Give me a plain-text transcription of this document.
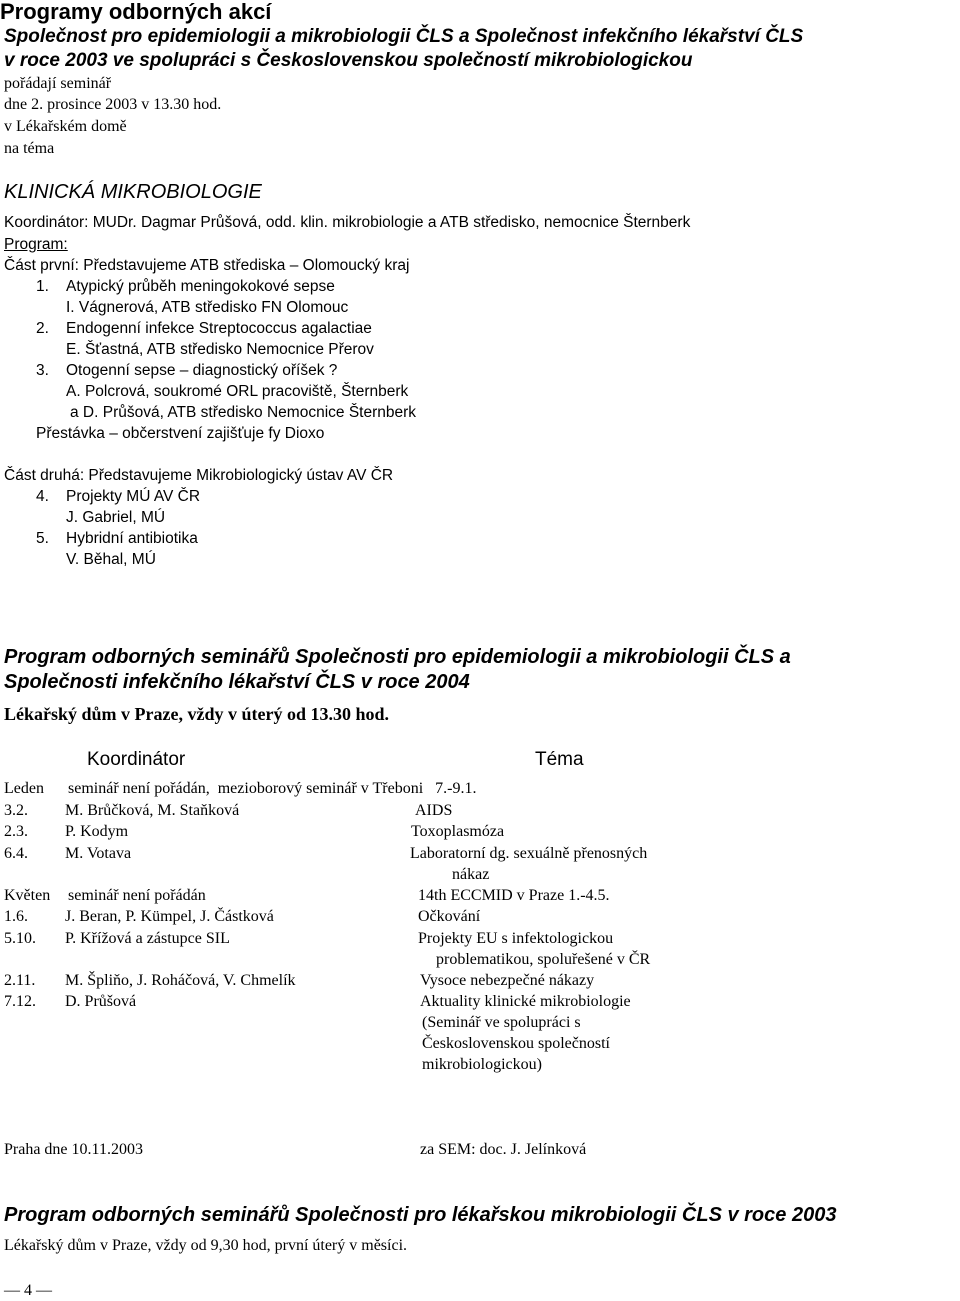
Programy odborných akcí
Společnost pro epidemiologii a mikrobiologii ČLS a Společnost infekčního lékařství ČLS
v roce 2003 ve spolupráci s Československou společností mikrobiologickou
pořádají seminář
dne 2. prosince 2003 v 13.30 hod.
v Lékařském domě
na téma
KLINICKÁ MIKROBIOLOGIE
Koordinátor: MUDr. Dagmar Průšová, odd. klin. mikrobiologie a ATB středisko, nemocnice Šternberk
Program:
Část první: Představujeme ATB střediska – Olomoucký kraj
1. Atypický průběh meningokokové sepse
I. Vágnerová, ATB středisko FN Olomouc
2. Endogenní infekce Streptococcus agalactiae
E. Šťastná, ATB středisko Nemocnice Přerov
3. Otogenní sepse – diagnostický oříšek ?
A. Polcrová, soukromé ORL pracoviště, Šternberk
a D. Průšová, ATB středisko Nemocnice Šternberk
Přestávka – občerstvení zajišťuje fy Dioxo
Část druhá: Představujeme Mikrobiologický ústav AV ČR
4. Projekty MÚ AV ČR
J. Gabriel, MÚ
5. Hybridní antibiotika
V. Běhal, MÚ
Program odborných seminářů Společnosti pro epidemiologii a mikrobiologii ČLS a
Společnosti infekčního lékařství ČLS v roce 2004
Lékařský dům v Praze, vždy v úterý od 13.30 hod.
Koordinátor	Téma
Leden seminář není pořádán,  mezioborový seminář v Třeboni   7.-9.1.
3.2. M. Brůčková, M. Staňková	AIDS
2.3. P. Kodym	Toxoplasmóza
6.4. M. Votava	Laboratorní dg. sexuálně přenosných
nákaz
Květen seminář není pořádán	14th ECCMID v Praze 1.-4.5.
1.6. J. Beran, P. Kümpel, J. Částková	Očkování
5.10. P. Křížová a zástupce SIL	Projekty EU s infektologickou
problematikou, spoluřešené v ČR
2.11. M. Špliňo, J. Roháčová, V. Chmelík	Vysoce nebezpečné nákazy
7.12. D. Průšová	Aktuality klinické mikrobiologie
(Seminář ve spolupráci s
Československou společností
mikrobiologickou)
Praha dne 10.11.2003	za SEM: doc. J. Jelínková
Program odborných seminářů Společnosti pro lékařskou mikrobiologii ČLS v roce 2003
Lékařský dům v Praze, vždy od 9,30 hod, první úterý v měsíci.
— 4 —
